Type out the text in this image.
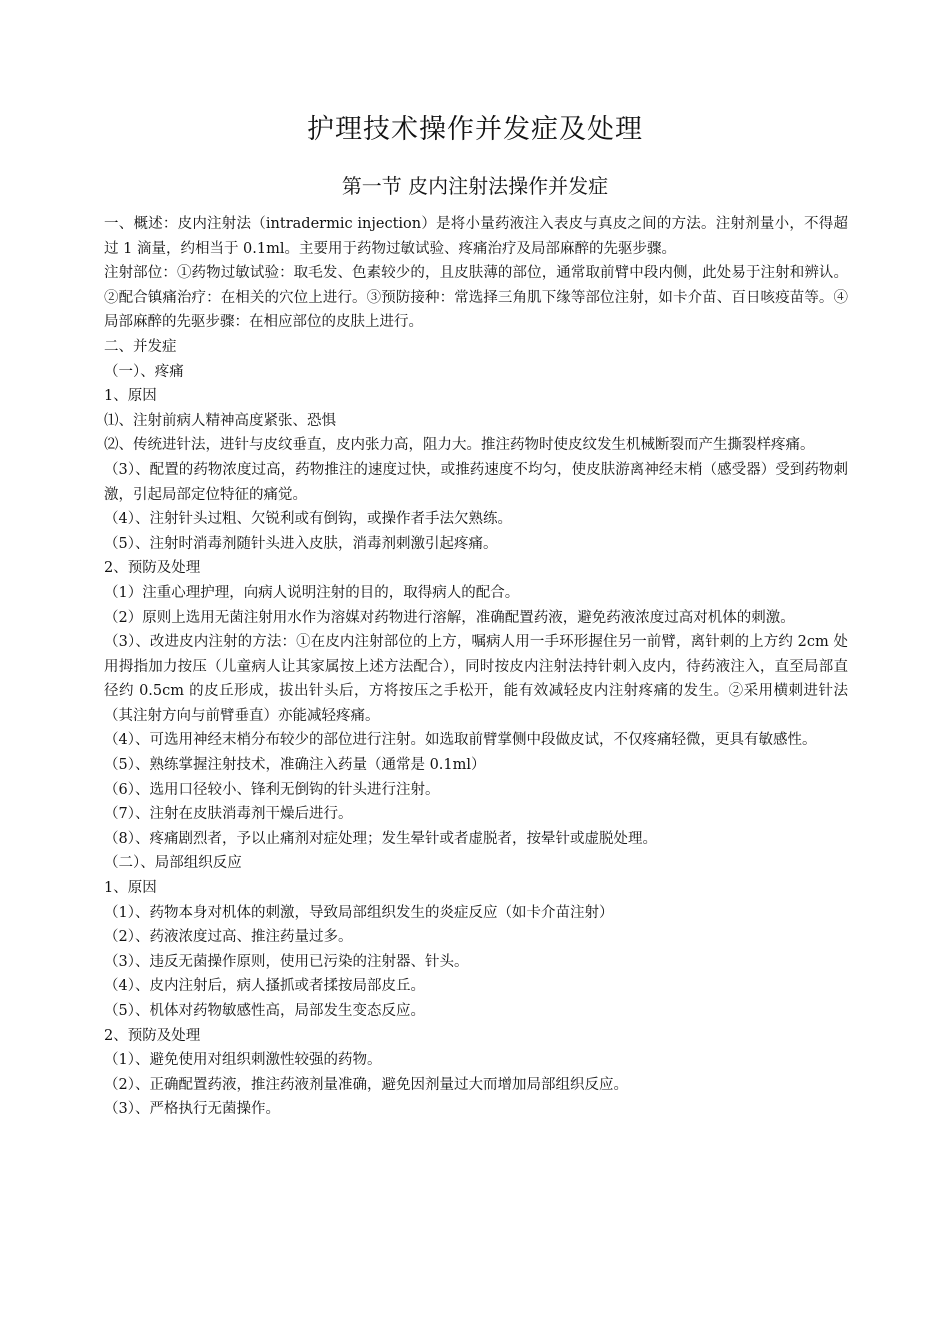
护理技术操作并发症及处理
第一节 皮内注射法操作并发症

一、概述：皮内注射法（intradermic injection）是将小量药液注入表皮与真皮之间的方法。注射剂量小，不得超过 1 滴量，约相当于 0.1ml。主要用于药物过敏试验、疼痛治疗及局部麻醉的先驱步骤。

注射部位：①药物过敏试验：取毛发、色素较少的，且皮肤薄的部位，通常取前臂中段内侧，此处易于注射和辨认。②配合镇痛治疗：在相关的穴位上进行。③预防接种：常选择三角肌下缘等部位注射，如卡介苗、百日咳疫苗等。④局部麻醉的先驱步骤：在相应部位的皮肤上进行。

二、并发症

（一）、疼痛

1、原因

⑴、注射前病人精神高度紧张、恐惧

⑵、传统进针法，进针与皮纹垂直，皮内张力高，阻力大。推注药物时使皮纹发生机械断裂而产生撕裂样疼痛。

（3）、配置的药物浓度过高，药物推注的速度过快，或推药速度不均匀，使皮肤游离神经末梢（感受器）受到药物刺激，引起局部定位特征的痛觉。

（4）、注射针头过粗、欠锐利或有倒钩，或操作者手法欠熟练。

（5）、注射时消毒剂随针头进入皮肤，消毒剂刺激引起疼痛。

2、预防及处理

（1）注重心理护理，向病人说明注射的目的，取得病人的配合。

（2）原则上选用无菌注射用水作为溶媒对药物进行溶解，准确配置药液，避免药液浓度过高对机体的刺激。

（3）、改进皮内注射的方法：①在皮内注射部位的上方，嘱病人用一手环形握住另一前臂，离针刺的上方约 2cm 处用拇指加力按压（儿童病人让其家属按上述方法配合），同时按皮内注射法持针刺入皮内，待药液注入，直至局部直径约 0.5cm 的皮丘形成，拔出针头后，方将按压之手松开，能有效减轻皮内注射疼痛的发生。②采用横刺进针法（其注射方向与前臂垂直）亦能减轻疼痛。

（4）、可选用神经末梢分布较少的部位进行注射。如选取前臂掌侧中段做皮试，不仅疼痛轻微，更具有敏感性。

（5）、熟练掌握注射技术，准确注入药量（通常是 0.1ml）

（6）、选用口径较小、锋利无倒钩的针头进行注射。

（7）、注射在皮肤消毒剂干燥后进行。

（8）、疼痛剧烈者，予以止痛剂对症处理；发生晕针或者虚脱者，按晕针或虚脱处理。

（二）、局部组织反应

1、原因

（1）、药物本身对机体的刺激，导致局部组织发生的炎症反应（如卡介苗注射）

（2）、药液浓度过高、推注药量过多。

（3）、违反无菌操作原则，使用已污染的注射器、针头。

（4）、皮内注射后，病人搔抓或者揉按局部皮丘。

（5）、机体对药物敏感性高，局部发生变态反应。

2、预防及处理

（1）、避免使用对组织刺激性较强的药物。

（2）、正确配置药液，推注药液剂量准确，避免因剂量过大而增加局部组织反应。

（3）、严格执行无菌操作。
